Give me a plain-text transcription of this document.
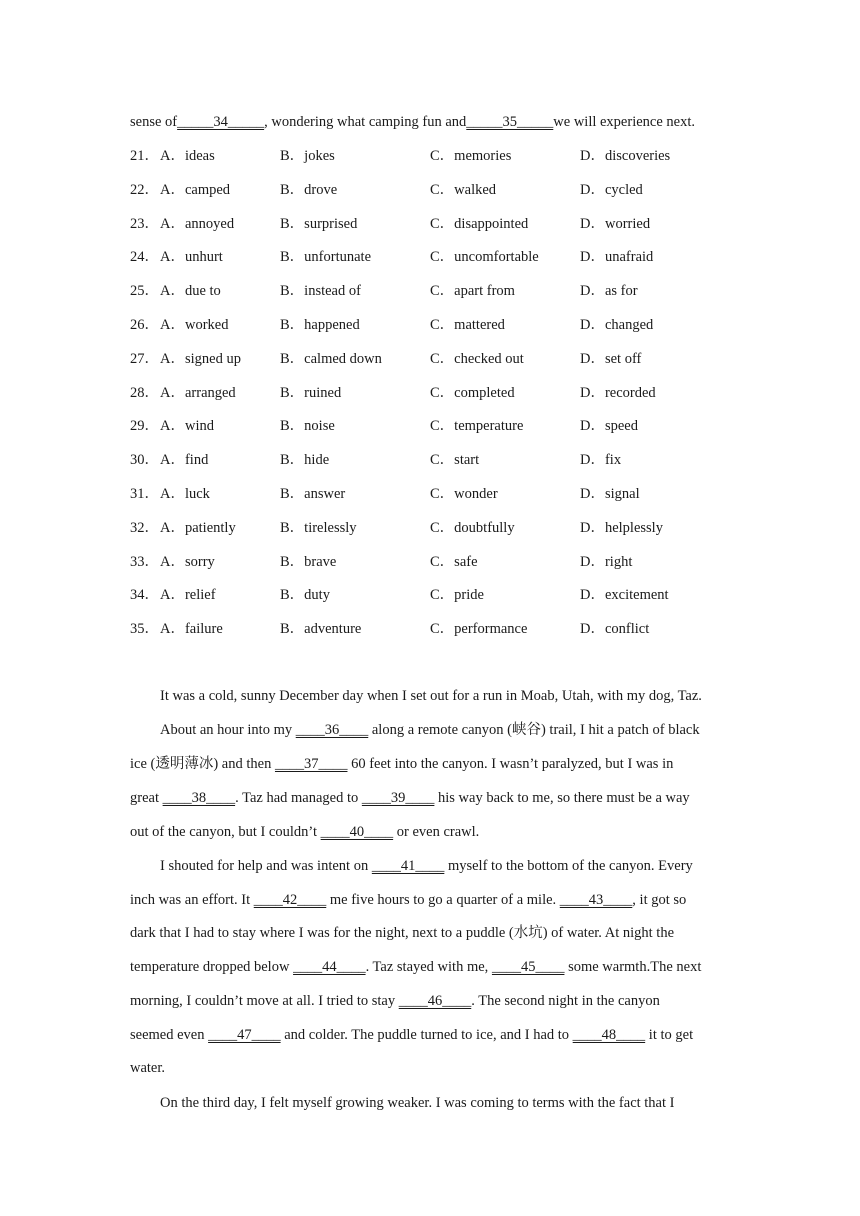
sense of_____34_____, wondering what camping fun and_____35_____we will experience next.
21． A．ideas	B．jokes	C．memories	D．discoveries
22． A．camped	B．drove	C．walked	D．cycled
23． A．annoyed	B．surprised	C．disappointed	D．worried
24． A．unhurt	B．unfortunate	C．uncomfortable	D．unafraid
25． A．due to	B．instead of	C．apart from	D．as for
26． A．worked	B．happened	C．mattered	D．changed
27． A．signed up	B．calmed down	C．checked out	D．set off
28． A．arranged	B．ruined	C．completed	D．recorded
29． A．wind	B．noise	C．temperature	D．speed
30． A．find	B．hide	C．start	D．fix
31． A．luck	B．answer	C．wonder	D．signal
32． A．patiently	B．tirelessly	C．doubtfully	D．helplessly
33． A．sorry	B．brave	C．safe	D．right
34． A．relief	B．duty	C．pride	D．excitement
35． A．failure	B．adventure	C．performance	D．conflict
It was a cold, sunny December day when I set out for a run in Moab, Utah, with my dog, Taz.
About an hour into my ____36____ along a remote canyon (峡谷) trail, I hit a patch of black
ice (透明薄冰) and then ____37____ 60 feet into the canyon. I wasn’t paralyzed, but I was in
great ____38____. Taz had managed to ____39____ his way back to me, so there must be a way
out of the canyon, but I couldn’t ____40____ or even crawl.
I shouted for help and was intent on ____41____ myself to the bottom of the canyon. Every
inch was an effort. It ____42____ me five hours to go a quarter of a mile. ____43____, it got so
dark that I had to stay where I was for the night, next to a puddle (水坑) of water. At night the
temperature dropped below ____44____. Taz stayed with me, ____45____ some warmth.The next
morning, I couldn’t move at all. I tried to stay ____46____. The second night in the canyon
seemed even ____47____ and colder. The puddle turned to ice, and I had to ____48____ it to get
water.
On the third day, I felt myself growing weaker. I was coming to terms with the fact that I
